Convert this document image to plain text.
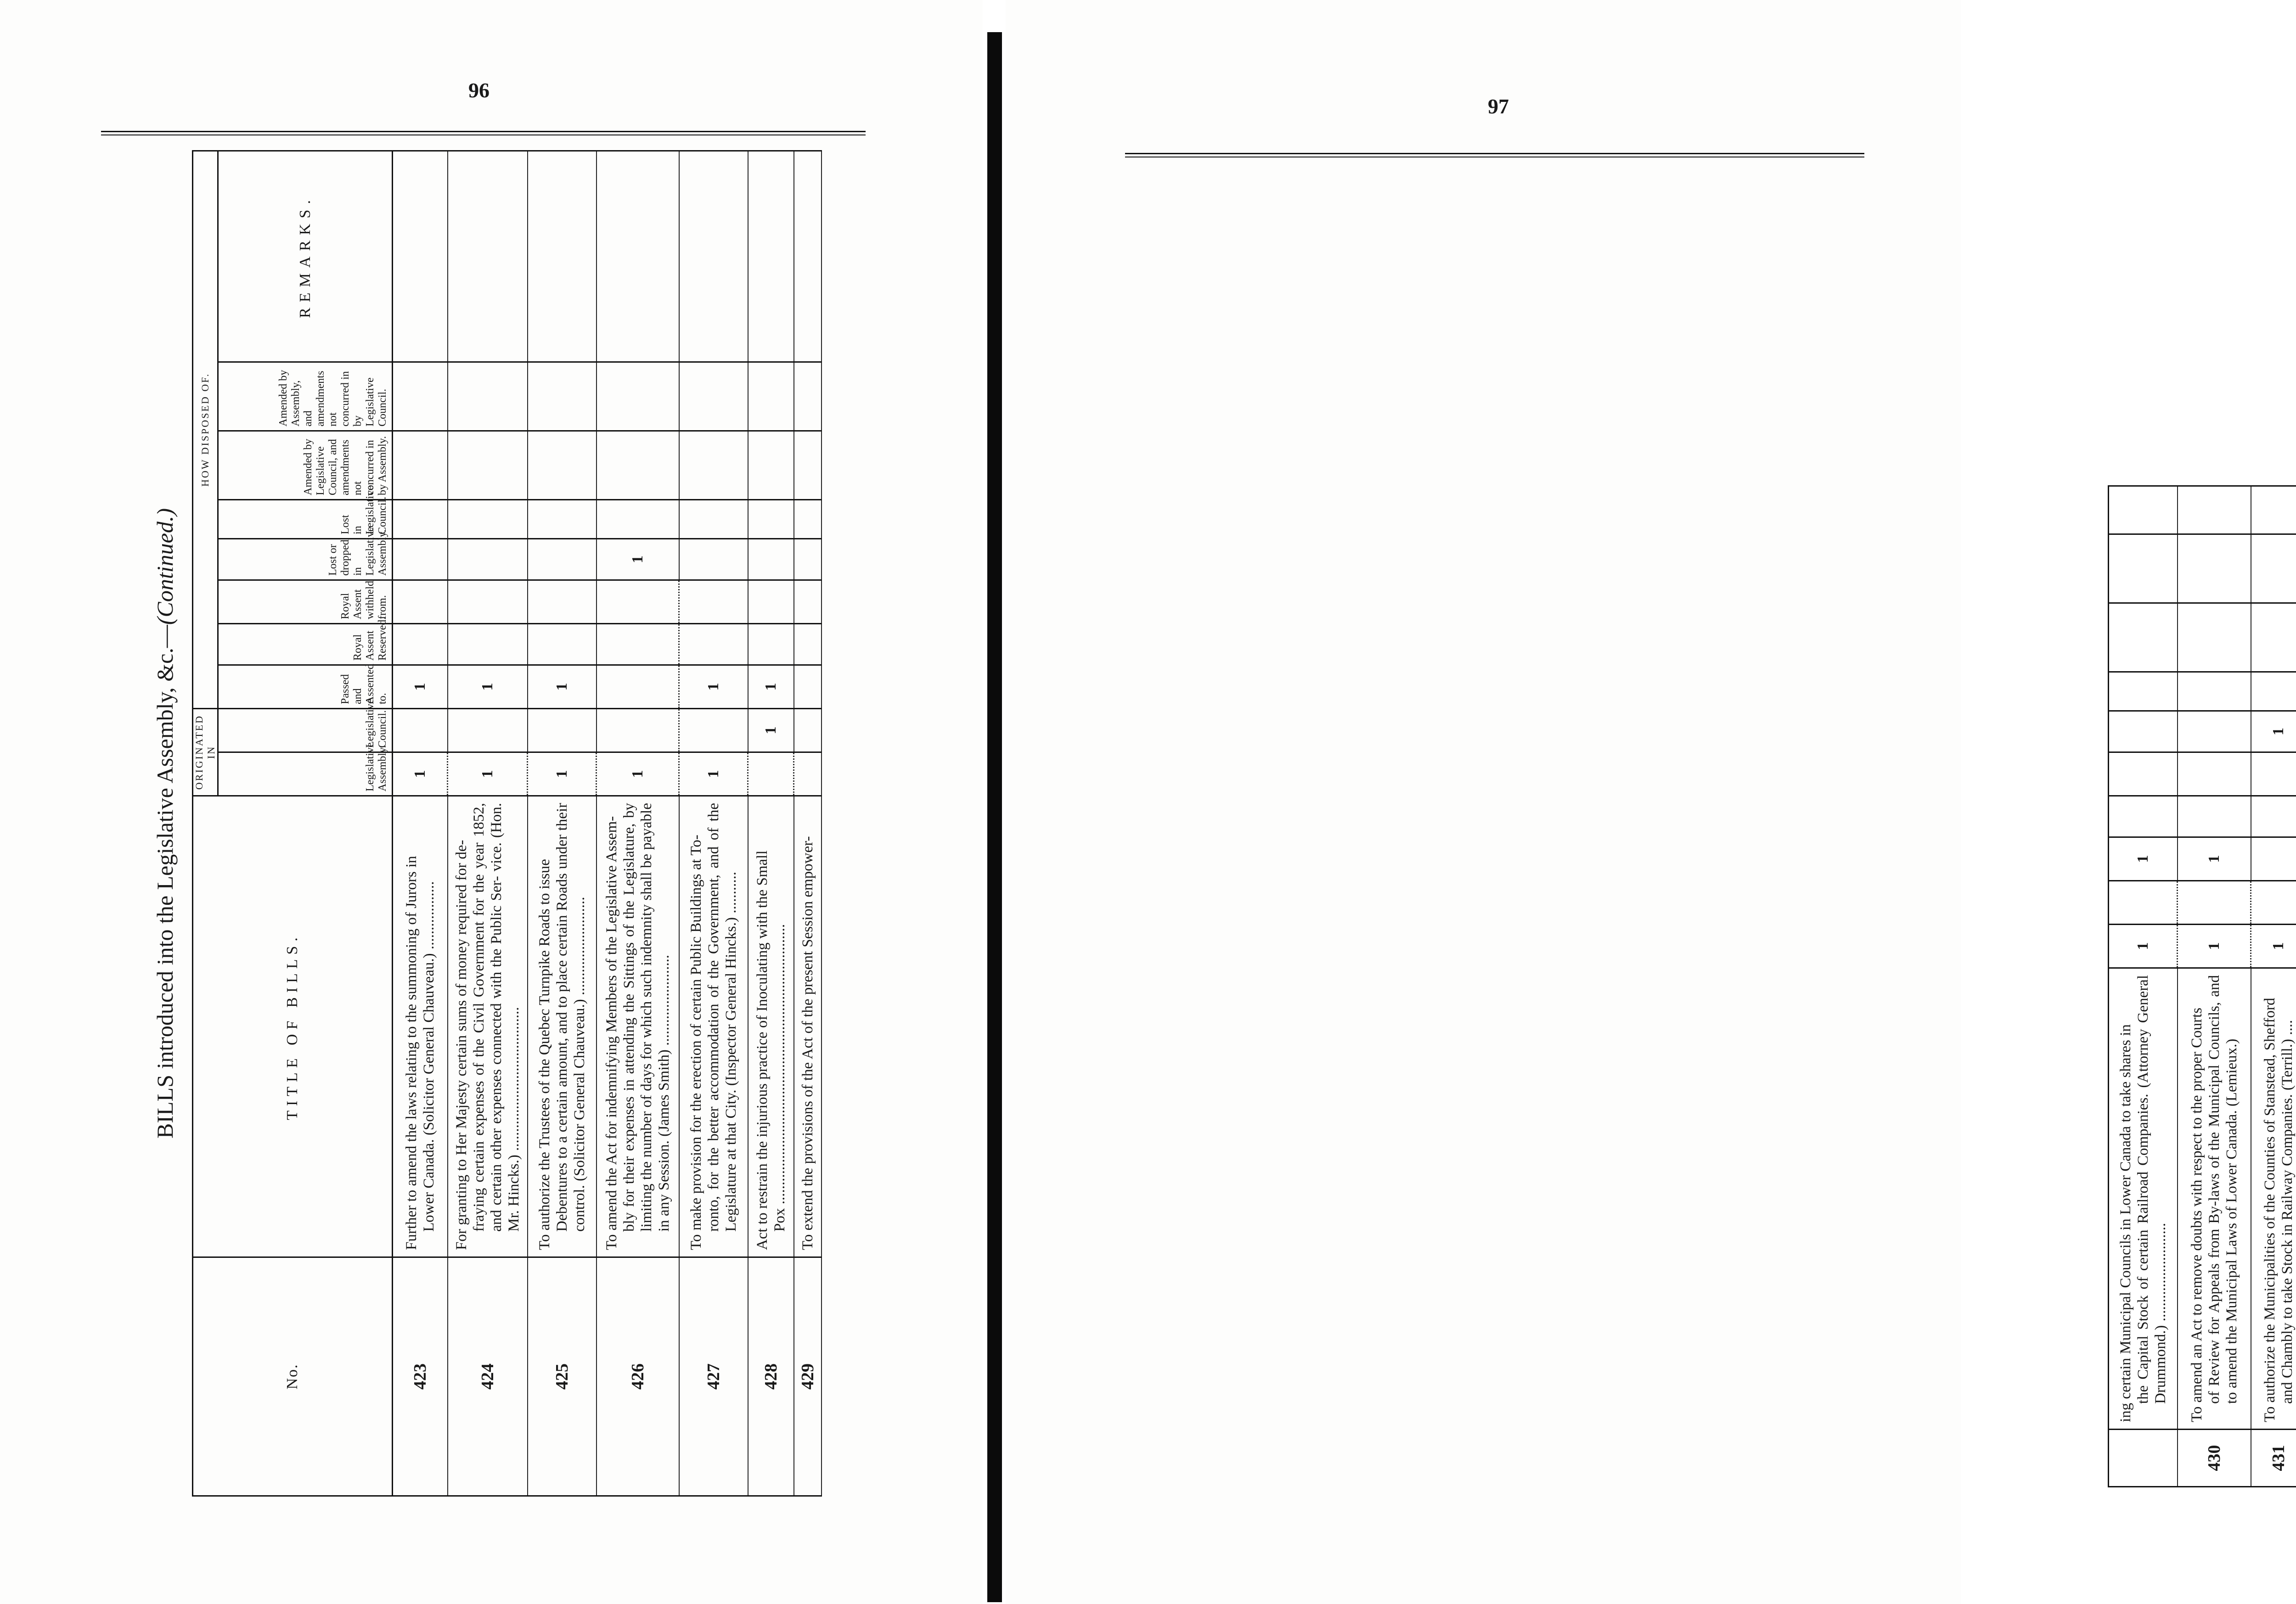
96
BILLS introduced into the Legislative Assembly, &c.—(Continued.)											
No.	TITLE OF BILLS.	ORIGINATED IN		HOW DISPOSED OF.							
		Legislative Assembly.	Legislative Council.	Passed and Assented to.	Royal Assent Reserved.	Royal Assent withheld from.	Lost or dropped in Legislative Assembly.	Lost in Legislative Council.	Amended by Legislative Council, and amendments not concurred in by Assembly.	Amended by Assembly, and amendments not concurred in by Legislative Council.	REMARKS.
423	Further to amend the laws relating to the summoning of Jurors in Lower Canada. (Solicitor General Chauveau.) ..................	1		1							
424	For granting to Her Majesty certain sums of money required for de- fraying certain expenses of the Civil Government for the year 1852, and certain other expenses connected with the Public Ser- vice. (Hon. Mr. Hincks.) ......................................	1		1							
425	To authorize the Trustees of the Quebec Turnpike Roads to issue Debentures to a certain amount, and to place certain Roads under their control. (Solicitor General Chauveau.) ..........................	1		1							
426	To amend the Act for indemnifying Members of the Legislative Assem- bly for their expenses in attending the Sittings of the Legislature, by limiting the number of days for which such indemnity shall be payable in any Session. (James Smith) ........................	1					1				
427	To make provision for the erection of certain Public Buildings at To- ronto, for the better accommodation of the Government, and of the Legislature at that City. (Inspector General Hincks.) ...........	1		1							
428	Act to restrain the injurious practice of Inoculating with the Small Pox ..........................................................................		1	1							
429	To extend the provisions of the Act of the present Session empower-										
97
	ing certain Municipal Councils in Lower Canada to take shares in the Capital Stock of certain Railroad Companies. (Attorney General Drummond.) ..........................	1		1							
430	To amend an Act to remove doubts with respect to the proper Courts of Review for Appeals from By-laws of the Municipal Councils, and to amend the Municipal Laws of Lower Canada. (Lemieux.)	1		1							
431	To authorize the Municipalities of the Counties of Stanstead, Shefford and Chambly to take Stock in Railway Companies. (Terrill.) ....	1					1				
